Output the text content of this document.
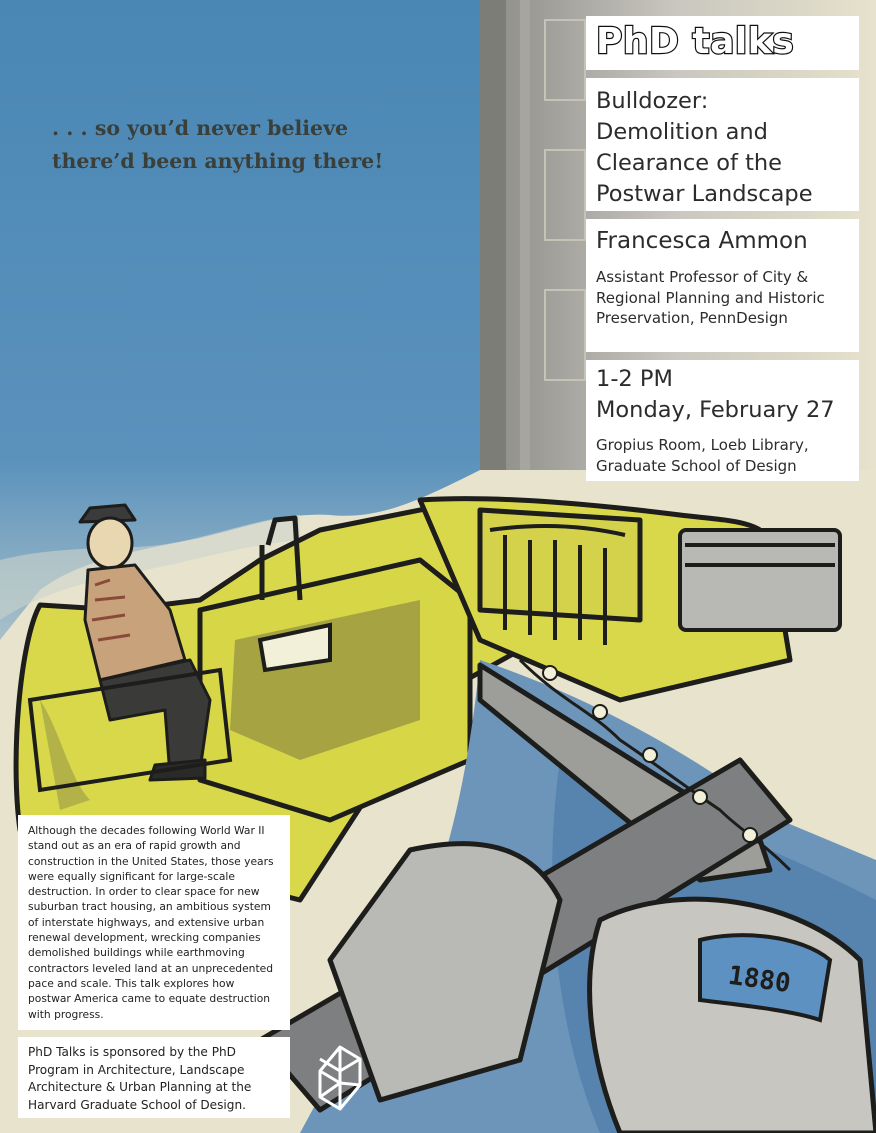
1880
. . . so you’d never believe
there’d been anything there!
PhD talks
Bulldozer:
Demolition and
Clearance of the
Postwar Landscape
Francesca Ammon
Assistant Professor of City & Regional Planning and Historic Preservation, PennDesign
1-2 PM
Monday, February 27
Gropius Room, Loeb Library, Graduate School of Design
Although the decades following World War II stand out as an era of rapid growth and construction in the United States, those years were equally significant for large-scale destruction. In order to clear space for new suburban tract housing, an ambitious system of interstate highways, and extensive urban renewal development, wrecking companies demolished buildings while earthmoving contractors leveled land at an unprecedented pace and scale. This talk explores how postwar America came to equate destruction with progress.
PhD Talks is sponsored by the PhD Program in Architecture, Landscape Architecture & Urban Planning at the Harvard Graduate School of Design.
